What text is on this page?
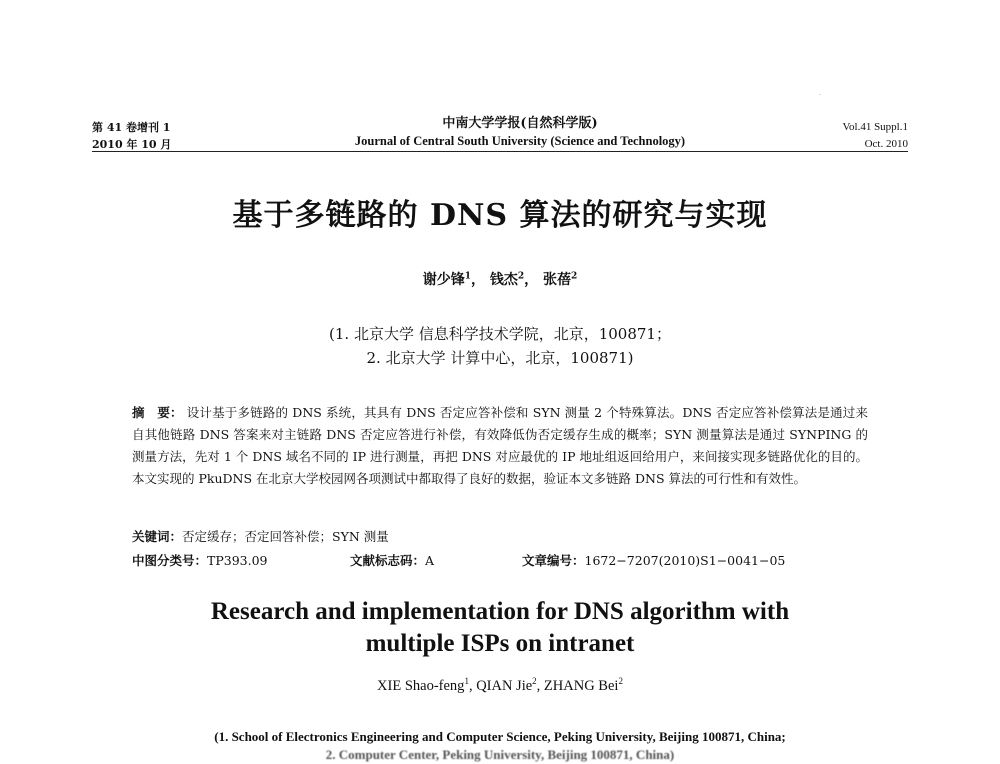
·
第 41 卷增刊 1
2010 年 10 月
中南大学学报(自然科学版)
Journal of Central South University (Science and Technology)
Vol.41 Suppl.1
Oct. 2010
基于多链路的 DNS 算法的研究与实现
谢少锋$^1$， 钱杰$^2$， 张蓓$^2$
(1. 北京大学 信息科学技术学院，北京，100871；
2. 北京大学 计算中心，北京，100871)
摘　要： 设计基于多链路的 DNS 系统，其具有 DNS 否定应答补偿和 SYN 测量 2 个特殊算法。DNS 否定应答补偿算法是通过来自其他链路 DNS 答案来对主链路 DNS 否定应答进行补偿，有效降低伪否定缓存生成的概率；SYN 测量算法是通过 SYNPING 的测量方法，先对 1 个 DNS 域名不同的 IP 进行测量，再把 DNS 对应最优的 IP 地址组返回给用户，来间接实现多链路优化的目的。本文实现的 PkuDNS 在北京大学校园网各项测试中都取得了良好的数据，验证本文多链路 DNS 算法的可行性和有效性。
关键词：否定缓存；否定回答补偿；SYN 测量
中图分类号：TP393.09	文献标志码：A	文章编号：1672−7207(2010)S1−0041−05
Research and implementation for DNS algorithm with
multiple ISPs on intranet
XIE Shao-feng$^1$, QIAN Jie$^2$, ZHANG Bei$^2$
(1. School of Electronics Engineering and Computer Science, Peking University, Beijing 100871, China;
2. Computer Center, Peking University, Beijing 100871, China)
